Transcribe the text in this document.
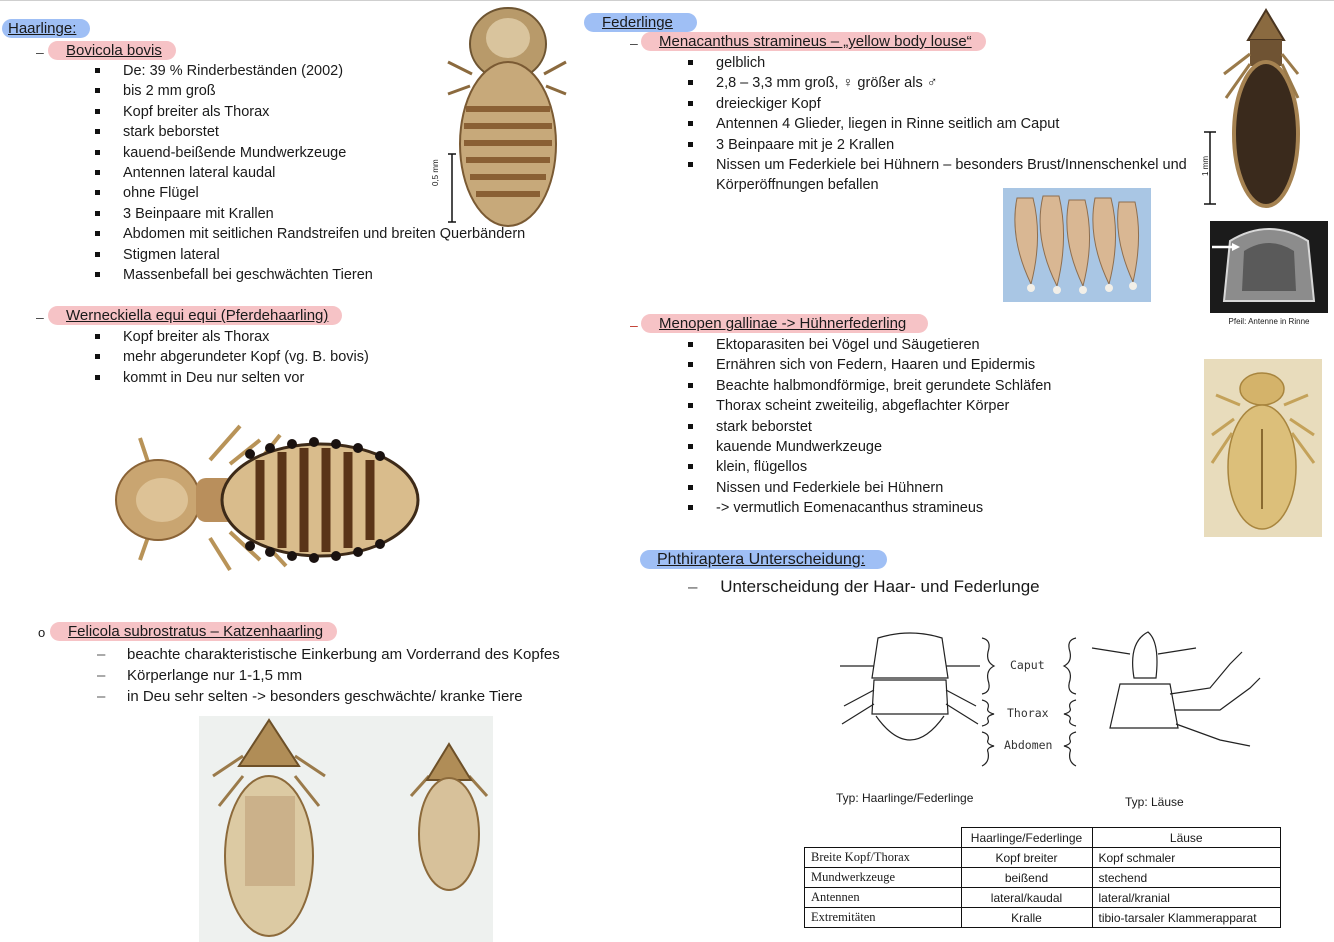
Haarlinge:
–	Bovicola bovis
De: 39 % Rinderbeständen (2002)
bis 2 mm groß
Kopf breiter als Thorax
stark beborstet
kauend-beißende Mundwerkzeuge
Antennen lateral kaudal
ohne Flügel
3 Beinpaare mit Krallen
Abdomen mit seitlichen Randstreifen und breiten Querbändern
Stigmen lateral
Massenbefall bei geschwächten Tieren
0,5 mm
–	Werneckiella equi equi (Pferdehaarling)
Kopf breiter als Thorax
mehr abgerundeter Kopf (vg. B. bovis)
kommt in Deu nur selten vor
o	Felicola subrostratus – Katzenhaarling
– beachte charakteristische Einkerbung am Vorderrand des Kopfes
– Körperlange nur 1-1,5 mm
– in Deu sehr selten -> besonders geschwächte/ kranke Tiere
Federlinge
–	Menacanthus stramineus – „yellow body louse“
gelblich
2,8 – 3,3 mm groß, ♀ größer als ♂
dreieckiger Kopf
Antennen 4 Glieder, liegen in Rinne seitlich am Caput
3 Beinpaare mit je 2 Krallen
Nissen um Federkiele bei Hühnern – besonders Brust/Innenschenkel und Körperöffnungen befallen
1 mm
Pfeil: Antenne in Rinne
–	Menopen gallinae -> Hühnerfederling
Ektoparasiten bei Vögel und Säugetieren
Ernähren sich von Federn, Haaren und Epidermis
Beachte halbmondförmige, breit gerundete Schläfen
Thorax scheint zweiteilig, abgeflachter Körper
stark beborstet
kauende Mundwerkzeuge
klein, flügellos
Nissen und Federkiele bei Hühnern
-> vermutlich Eomenacanthus stramineus
Phthiraptera Unterscheidung:
– Unterscheidung der Haar- und Federlunge
Caput
Thorax
Abdomen
Typ: Haarlinge/Federlinge	Typ: Läuse
	Haarlinge/Federlinge	Läuse
Breite Kopf/Thorax	Kopf breiter	Kopf schmaler
Mundwerkzeuge	beißend	stechend
Antennen	lateral/kaudal	lateral/kranial
Extremitäten	Kralle	tibio-tarsaler Klammerapparat
